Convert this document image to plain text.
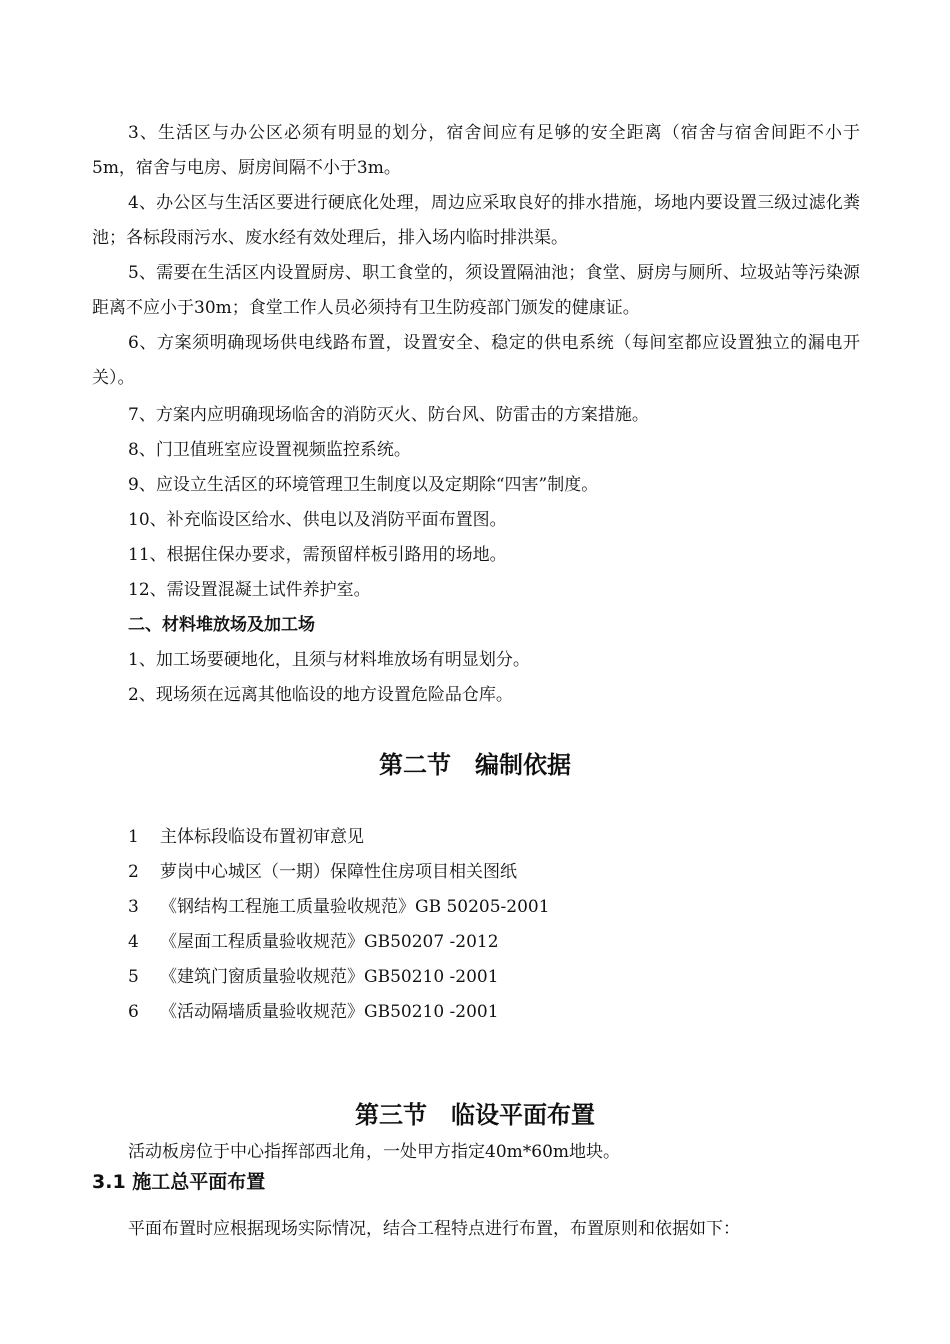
3、生活区与办公区必须有明显的划分，宿舍间应有足够的安全距离（宿舍与宿舍间距不小于5m，宿舍与电房、厨房间隔不小于3m。
4、办公区与生活区要进行硬底化处理，周边应采取良好的排水措施，场地内要设置三级过滤化粪池；各标段雨污水、废水经有效处理后，排入场内临时排洪渠。
5、需要在生活区内设置厨房、职工食堂的，须设置隔油池；食堂、厨房与厕所、垃圾站等污染源距离不应小于30m；食堂工作人员必须持有卫生防疫部门颁发的健康证。
6、方案须明确现场供电线路布置，设置安全、稳定的供电系统（每间室都应设置独立的漏电开关）。
7、方案内应明确现场临舍的消防灭火、防台风、防雷击的方案措施。
8、门卫值班室应设置视频监控系统。
9、应设立生活区的环境管理卫生制度以及定期除“四害”制度。
10、补充临设区给水、供电以及消防平面布置图。
11、根据住保办要求，需预留样板引路用的场地。
12、需设置混凝土试件养护室。
二、材料堆放场及加工场
1、加工场要硬地化，且须与材料堆放场有明显划分。
2、现场须在远离其他临设的地方设置危险品仓库。
第二节　编制依据
1 主体标段临设布置初审意见
2 萝岗中心城区（一期）保障性住房项目相关图纸
3 《钢结构工程施工质量验收规范》GB 50205-2001
4 《屋面工程质量验收规范》GB50207 -2012
5 《建筑门窗质量验收规范》GB50210 -2001
6 《活动隔墙质量验收规范》GB50210 -2001
第三节　临设平面布置
活动板房位于中心指挥部西北角，一处甲方指定40m*60m地块。
3.1 施工总平面布置
平面布置时应根据现场实际情况，结合工程特点进行布置，布置原则和依据如下：
